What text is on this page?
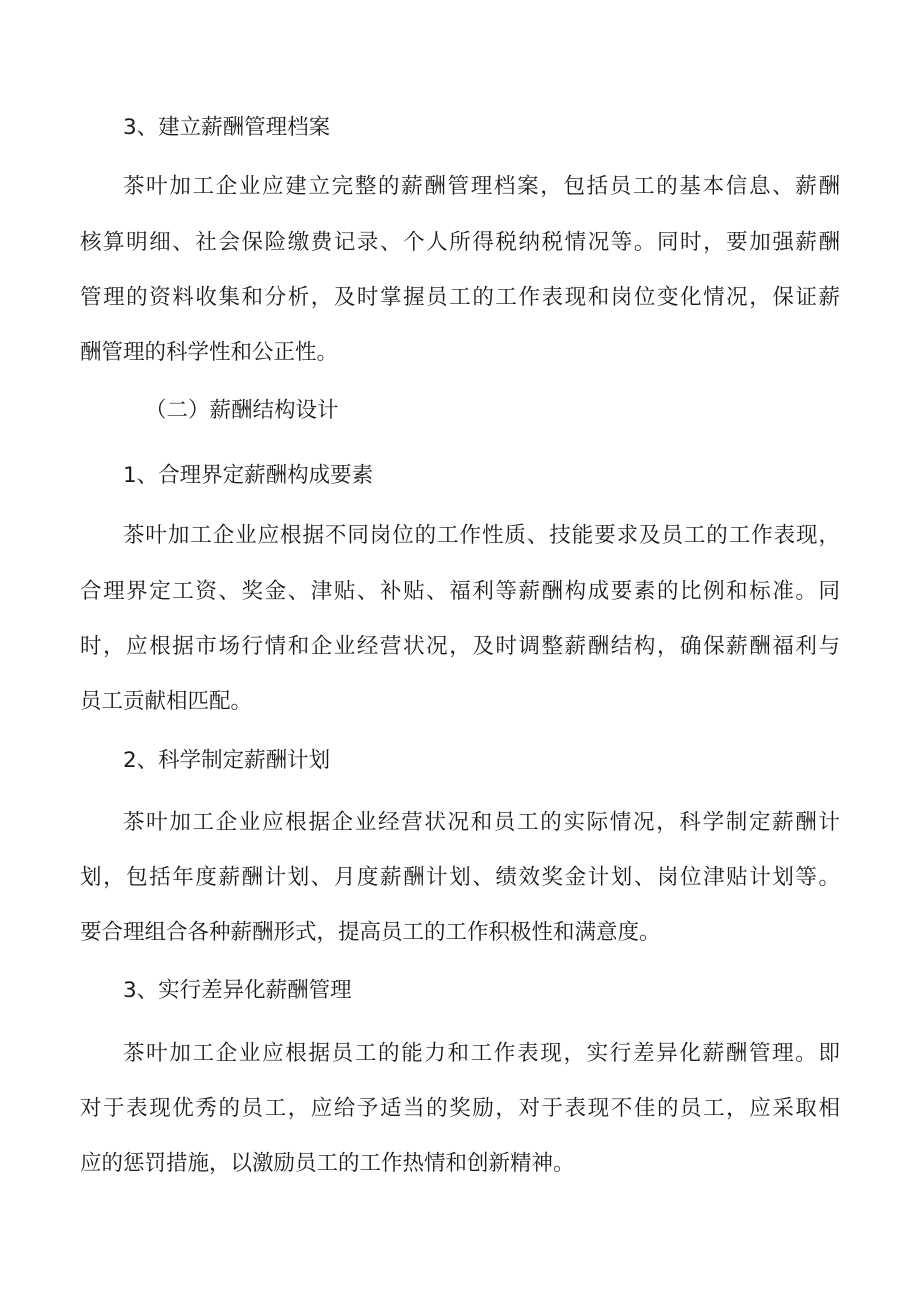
3、建立薪酬管理档案
茶叶加工企业应建立完整的薪酬管理档案，包括员工的基本信息、薪酬
核算明细、社会保险缴费记录、个人所得税纳税情况等。同时，要加强薪酬
管理的资料收集和分析，及时掌握员工的工作表现和岗位变化情况，保证薪
酬管理的科学性和公正性。
（二）薪酬结构设计
1、合理界定薪酬构成要素
茶叶加工企业应根据不同岗位的工作性质、技能要求及员工的工作表现，
合理界定工资、奖金、津贴、补贴、福利等薪酬构成要素的比例和标准。同
时，应根据市场行情和企业经营状况，及时调整薪酬结构，确保薪酬福利与
员工贡献相匹配。
2、科学制定薪酬计划
茶叶加工企业应根据企业经营状况和员工的实际情况，科学制定薪酬计
划，包括年度薪酬计划、月度薪酬计划、绩效奖金计划、岗位津贴计划等。
要合理组合各种薪酬形式，提高员工的工作积极性和满意度。
3、实行差异化薪酬管理
茶叶加工企业应根据员工的能力和工作表现，实行差异化薪酬管理。即
对于表现优秀的员工，应给予适当的奖励，对于表现不佳的员工，应采取相
应的惩罚措施，以激励员工的工作热情和创新精神。
